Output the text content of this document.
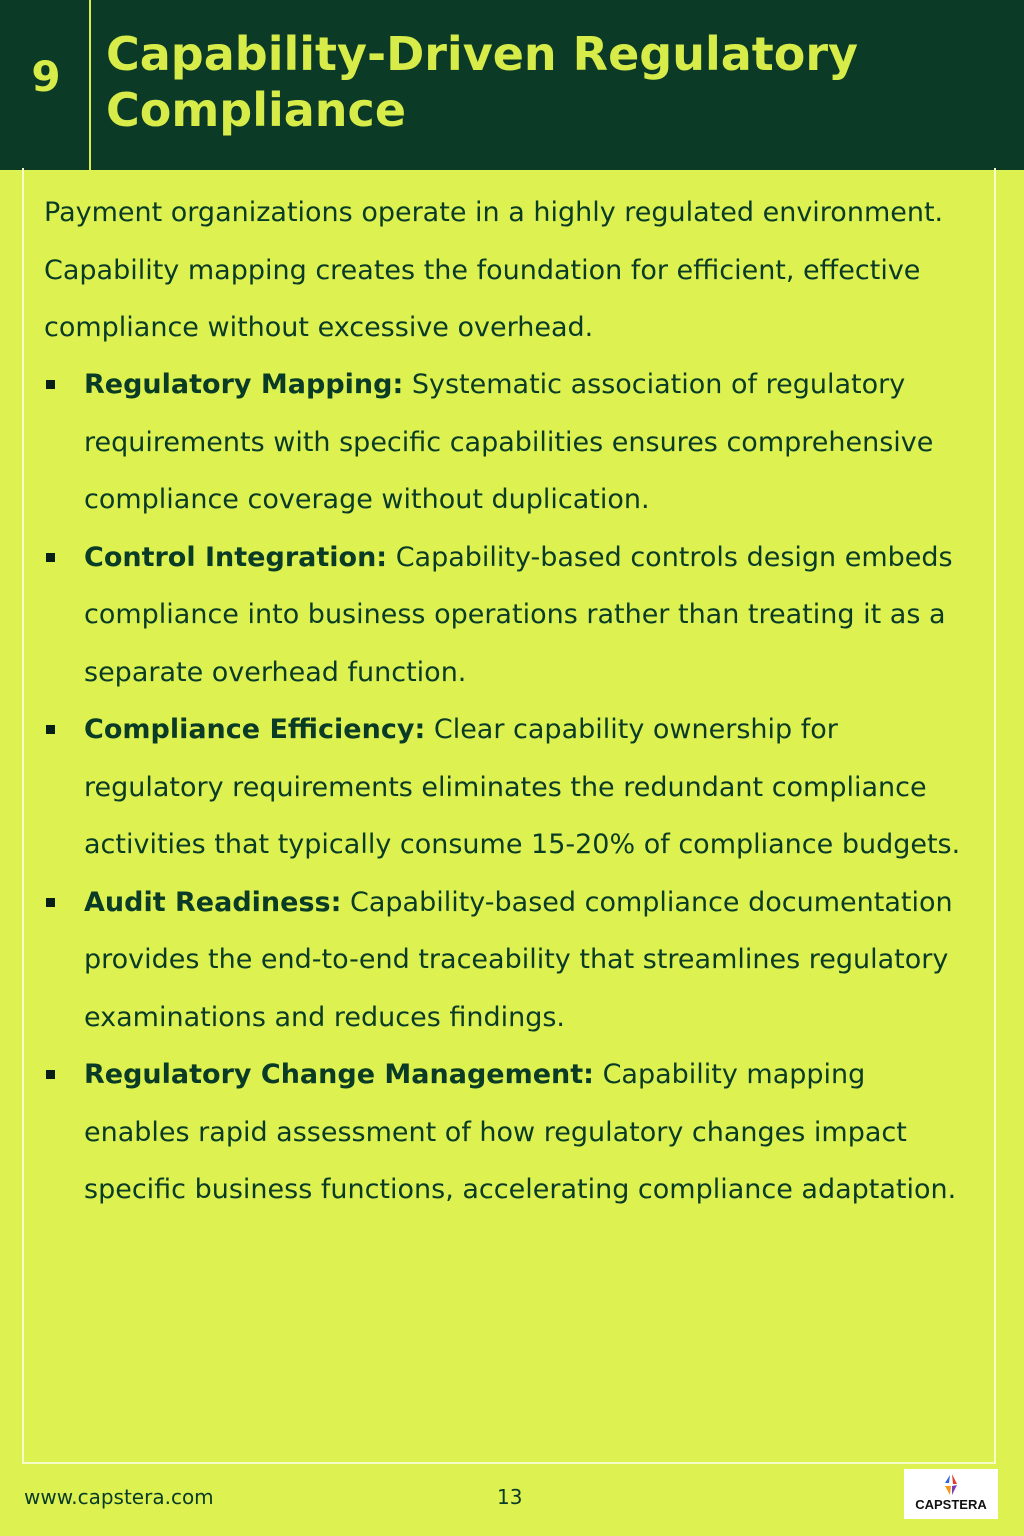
9 Capability-Driven Regulatory Compliance

Payment organizations operate in a highly regulated environment. Capability mapping creates the foundation for efficient, effective compliance without excessive overhead.

Regulatory Mapping: Systematic association of regulatory requirements with specific capabilities ensures comprehensive compliance coverage without duplication.
Control Integration: Capability-based controls design embeds compliance into business operations rather than treating it as a separate overhead function.
Compliance Efficiency: Clear capability ownership for regulatory requirements eliminates the redundant compliance activities that typically consume 15-20% of compliance budgets.
Audit Readiness: Capability-based compliance documentation provides the end-to-end traceability that streamlines regulatory examinations and reduces findings.
Regulatory Change Management: Capability mapping enables rapid assessment of how regulatory changes impact specific business functions, accelerating compliance adaptation.
www.capstera.com	13	CAPSTERA
